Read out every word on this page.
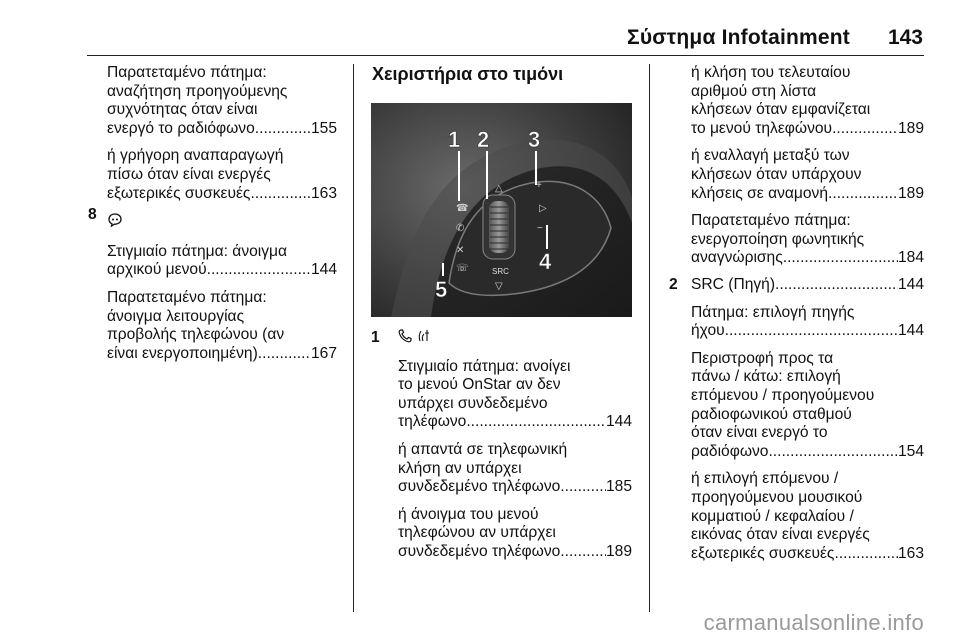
Σύστημα Infotainment 143
Παρατεταμένο πάτημα:
αναζήτηση προηγούμενης
συχνότητας όταν είναι
ενεργό το ραδιόφωνο .....	155
ή γρήγορη αναπαραγωγή
πίσω όταν είναι ενεργές
εξωτερικές συσκευές .....	163
Στιγμιαίο πάτημα: άνοιγμα
αρχικού μενού .....	144
Παρατεταμένο πάτημα:
άνοιγμα λειτουργίας
προβολής τηλεφώνου (αν
είναι ενεργοποιημένη) .....	167
8
Χειριστήρια στο τιμόνι
SRC
☎
✆
✕
☏
+
▷
−
△
▽
1 2 3
4
5
1

Στιγμιαίο πάτημα: ανοίγει
το μενού OnStar αν δεν
υπάρχει συνδεδεμένο
τηλέφωνο .....	144
ή απαντά σε τηλεφωνική
κλήση αν υπάρχει
συνδεδεμένο τηλέφωνο .....	185
ή άνοιγμα του μενού
τηλεφώνου αν υπάρχει
συνδεδεμένο τηλέφωνο .....	189
ή κλήση του τελευταίου
αριθμού στη λίστα
κλήσεων όταν εμφανίζεται
το μενού τηλεφώνου .....	189
ή εναλλαγή μεταξύ των
κλήσεων όταν υπάρχουν
κλήσεις σε αναμονή .....	189
Παρατεταμένο πάτημα:
ενεργοποίηση φωνητικής
αναγνώρισης .....	184
2 SRC (Πηγή) .....	144
Πάτημα: επιλογή πηγής
ήχου .....	144
Περιστροφή προς τα
πάνω / κάτω: επιλογή
επόμενου / προηγούμενου
ραδιοφωνικού σταθμού
όταν είναι ενεργό το
ραδιόφωνο .....	154
ή επιλογή επόμενου /
προηγούμενου μουσικού
κομματιού / κεφαλαίου /
εικόνας όταν είναι ενεργές
εξωτερικές συσκευές .....	163
carmanualsonline.info
